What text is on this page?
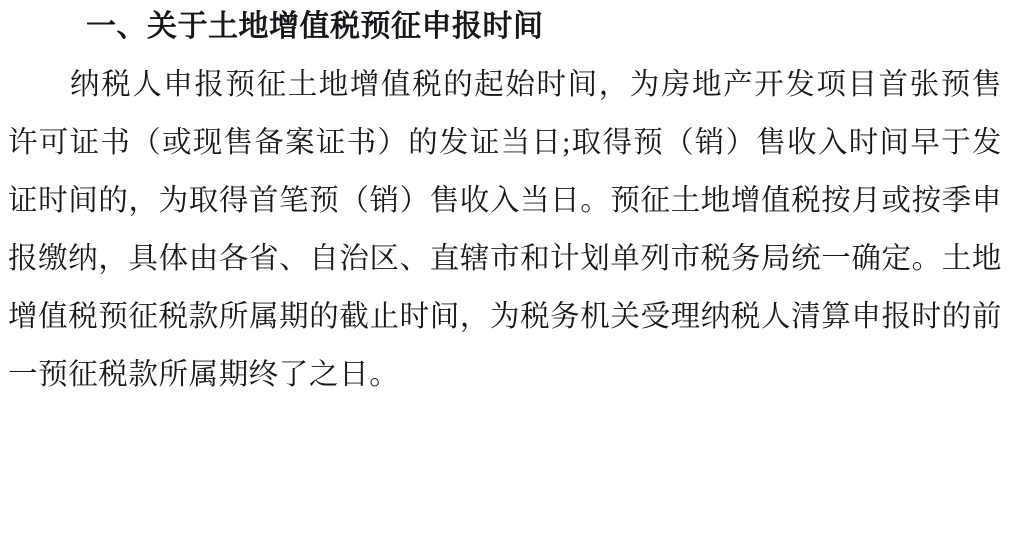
一、关于土地增值税预征申报时间

纳税人申报预征土地增值税的起始时间，为房地产开发项目首张预售许可证书（或现售备案证书）的发证当日;取得预（销）售收入时间早于发证时间的，为取得首笔预（销）售收入当日。预征土地增值税按月或按季申报缴纳，具体由各省、自治区、直辖市和计划单列市税务局统一确定。土地增值税预征税款所属期的截止时间，为税务机关受理纳税人清算申报时的前一预征税款所属期终了之日。
